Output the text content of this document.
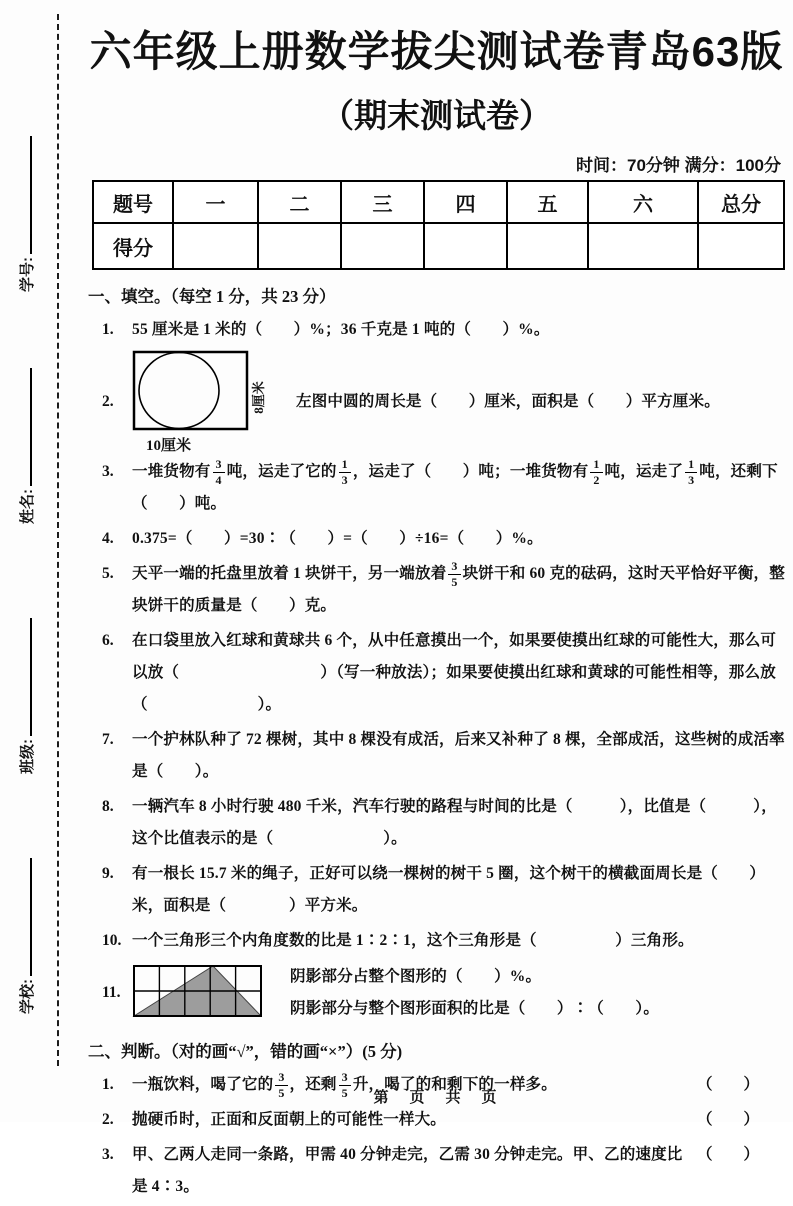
学号:
姓名:
班级:
学校:
六年级上册数学拔尖测试卷青岛63版
（期末测试卷）
时间：70分钟 满分：100分
题号	一	二	三	四	五	六	总分
得分							
一、填空。（每空 1 分，共 23 分）
1.	55 厘米是 1 米的（　　）%；36 千克是 1 吨的（　　）%。
2.	8厘米
10厘米
左图中圆的周长是（　　）厘米，面积是（　　）平方厘米。
3.	一堆货物有 $\frac{3}{4}$ 吨，运走了它的 $\frac{1}{3}$ ，运走了（　　）吨；一堆货物有 $\frac{1}{2}$ 吨，运走了 $\frac{1}{3}$ 吨，还剩下（　　）吨。
4.	0.375=（　　）=30∶（　　）=（　　）÷16=（　　）%。
5.	天平一端的托盘里放着 1 块饼干，另一端放着 $\frac{3}{5}$ 块饼干和 60 克的砝码，这时天平恰好平衡，整块饼干的质量是（　　）克。
6.	在口袋里放入红球和黄球共 6 个，从中任意摸出一个，如果要使摸出红球的可能性大，那么可以放（　　　　　　　　　）（写一种放法）；如果要使摸出红球和黄球的可能性相等，那么放（　　　　　　　）。
7.	一个护林队种了 72 棵树，其中 8 棵没有成活，后来又补种了 8 棵，全部成活，这些树的成活率是（　　）。
8.	一辆汽车 8 小时行驶 480 千米，汽车行驶的路程与时间的比是（　　　），比值是（　　　），这个比值表示的是（　　　　　　　）。
9.	有一根长 15.7 米的绳子，正好可以绕一棵树的树干 5 圈，这个树干的横截面周长是（　　）米，面积是（　　　　）平方米。
10. 一个三角形三个内角度数的比是 1∶2∶1，这个三角形是（　　　　　）三角形。
11.
阴影部分占整个图形的（　　）%。
阴影部分与整个图形面积的比是（　　）∶（　　）。
二、判断。（对的画“√”，错的画“×”）(5 分)
1.	一瓶饮料，喝了它的 $\frac{3}{5}$ ，还剩 $\frac{3}{5}$ 升，喝了的和剩下的一样多。	（　　）
2.	抛硬币时，正面和反面朝上的可能性一样大。	（　　）
3.	甲、乙两人走同一条路，甲需 40 分钟走完，乙需 30 分钟走完。甲、乙的速度比是 4∶3。
（　　）
第　页　共　页
